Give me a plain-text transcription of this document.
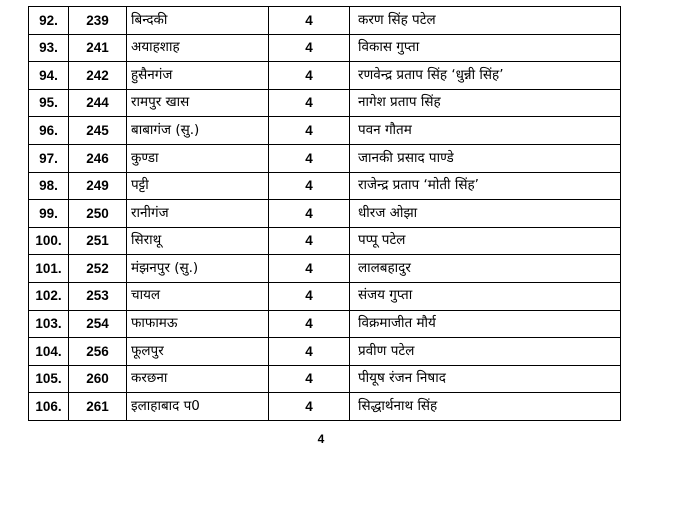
92.	239	बिन्दकी	4	करण सिंह पटेल
93.	241	अयाहशाह	4	विकास गुप्ता
94.	242	हुसैनगंज	4	रणवेन्द्र प्रताप सिंह ‘धुन्नी सिंह’
95.	244	रामपुर खास	4	नागेश प्रताप सिंह
96.	245	बाबागंज (सु.)	4	पवन गौतम
97.	246	कुण्डा	4	जानकी प्रसाद पाण्डे
98.	249	पट्टी	4	राजेन्द्र प्रताप ‘मोती सिंह’
99.	250	रानीगंज	4	धीरज ओझा
100.	251	सिराथू	4	पप्पू पटेल
101.	252	मंझनपुर (सु.)	4	लालबहादुर
102.	253	चायल	4	संजय गुप्ता
103.	254	फाफामऊ	4	विक्रमाजीत मौर्य
104.	256	फूलपुर	4	प्रवीण पटेल
105.	260	करछना	4	पीयूष रंजन निषाद
106.	261	इलाहाबाद प0	4	सिद्धार्थनाथ सिंह
4
